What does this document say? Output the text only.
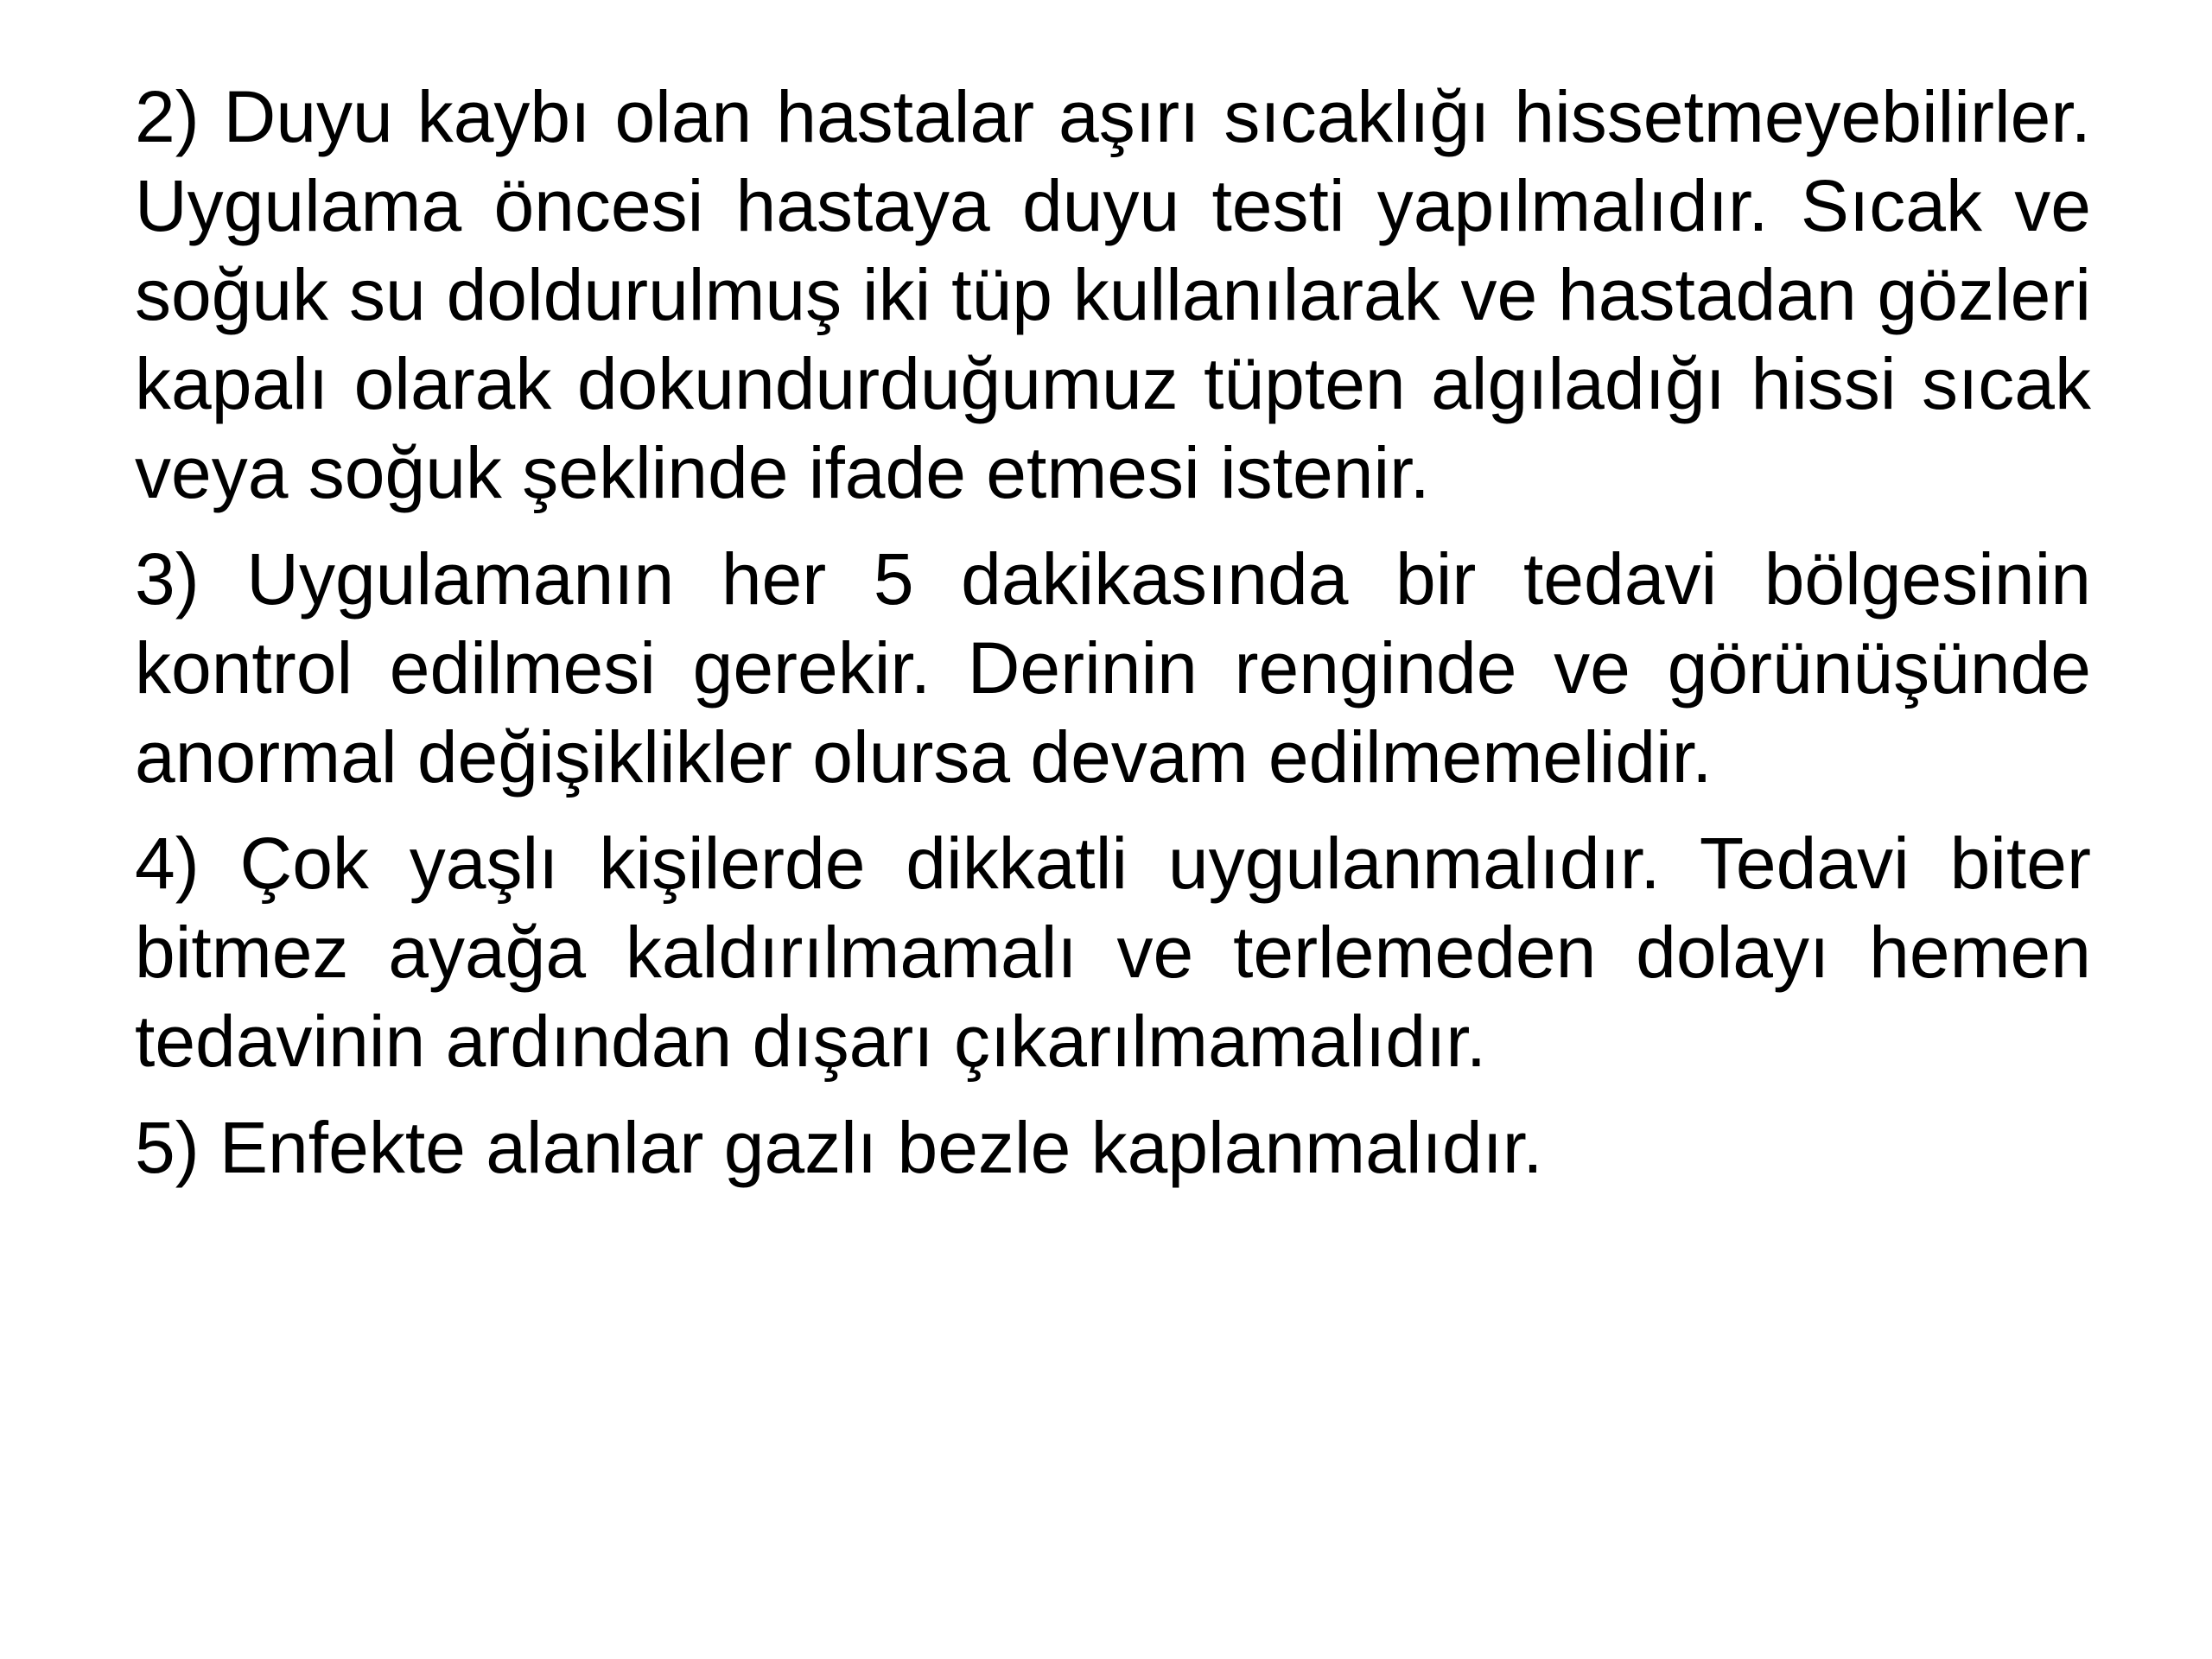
2) Duyu kaybı olan hastalar aşırı sıcaklığı hissetmeyebilirler. Uygulama öncesi hastaya duyu testi yapılmalıdır. Sıcak ve soğuk su doldurulmuş iki tüp kullanılarak ve hastadan gözleri kapalı olarak dokundurduğumuz tüpten algıladığı hissi sıcak veya soğuk şeklinde ifade etmesi istenir.

3) Uygulamanın her 5 dakikasında bir tedavi bölgesinin kontrol edilmesi gerekir. Derinin renginde ve görünüşünde anormal değişiklikler olursa devam edilmemelidir.

4) Çok yaşlı kişilerde dikkatli uygulanmalıdır. Tedavi biter bitmez ayağa kaldırılmamalı ve terlemeden dolayı hemen tedavinin ardından dışarı çıkarılmamalıdır.

5) Enfekte alanlar gazlı bezle kaplanmalıdır.
